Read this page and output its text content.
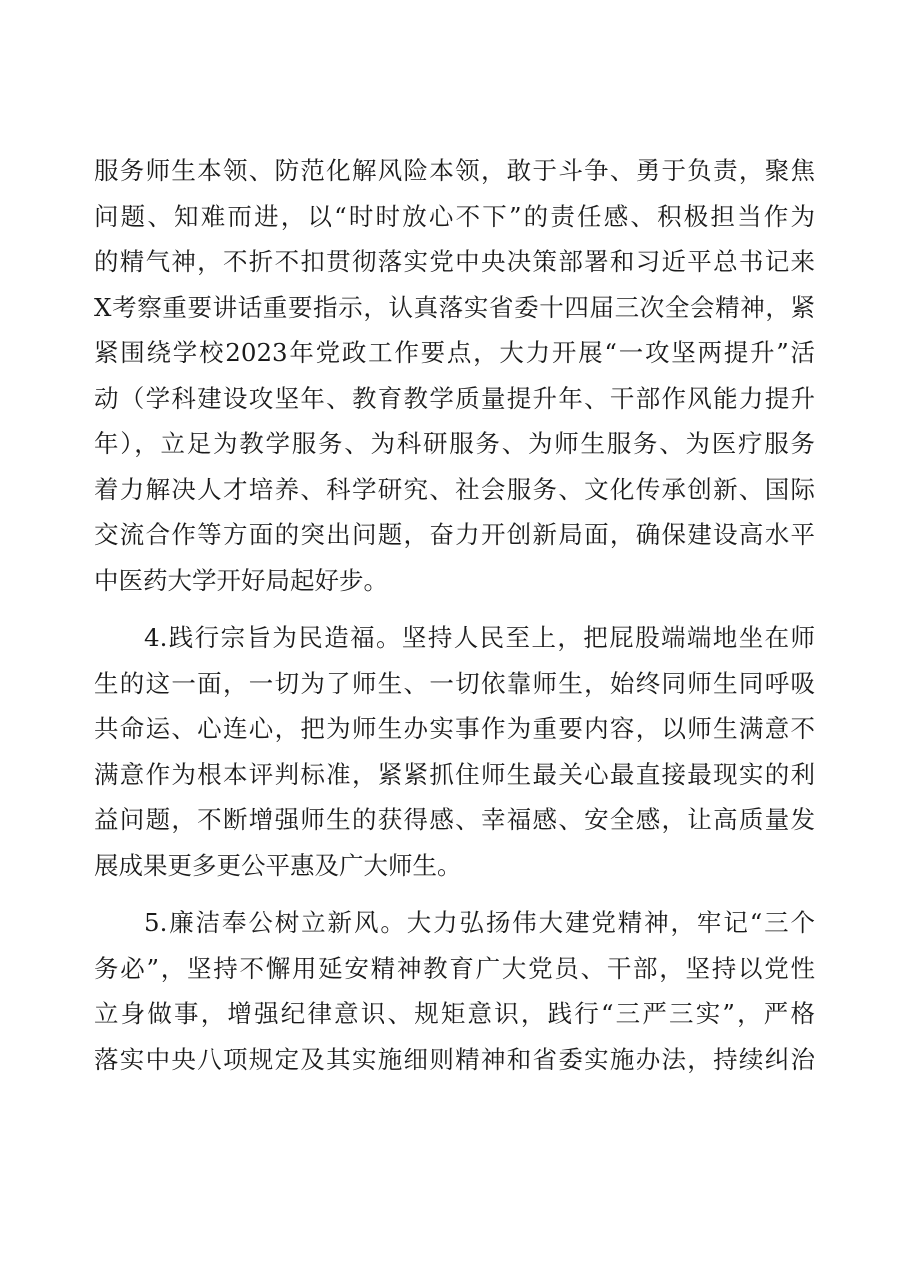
服务师生本领、防范化解风险本领，敢于斗争、勇于负责，聚焦
问题、知难而进，以“时时放心不下”的责任感、积极担当作为
的精气神，不折不扣贯彻落实党中央决策部署和习近平总书记来
X考察重要讲话重要指示，认真落实省委十四届三次全会精神，紧
紧围绕学校2023年党政工作要点，大力开展“一攻坚两提升”活
动（学科建设攻坚年、教育教学质量提升年、干部作风能力提升
年），立足为教学服务、为科研服务、为师生服务、为医疗服务
着力解决人才培养、科学研究、社会服务、文化传承创新、国际
交流合作等方面的突出问题，奋力开创新局面，确保建设高水平
中医药大学开好局起好步。
4.践行宗旨为民造福。坚持人民至上，把屁股端端地坐在师
生的这一面，一切为了师生、一切依靠师生，始终同师生同呼吸
共命运、心连心，把为师生办实事作为重要内容，以师生满意不
满意作为根本评判标准，紧紧抓住师生最关心最直接最现实的利
益问题，不断增强师生的获得感、幸福感、安全感，让高质量发
展成果更多更公平惠及广大师生。
5.廉洁奉公树立新风。大力弘扬伟大建党精神，牢记“三个
务必”，坚持不懈用延安精神教育广大党员、干部，坚持以党性
立身做事，增强纪律意识、规矩意识，践行“三严三实”，严格
落实中央八项规定及其实施细则精神和省委实施办法，持续纠治
